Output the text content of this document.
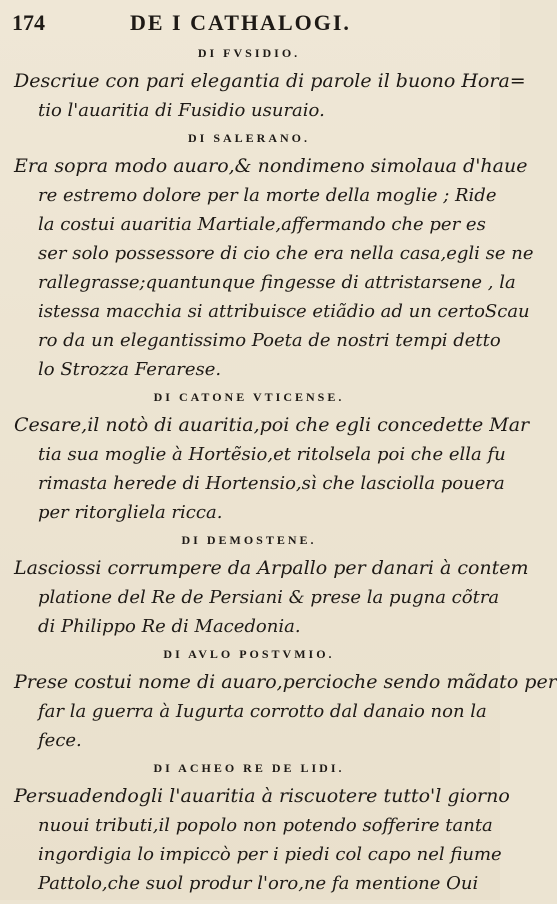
174	DE I CATHALOGI.
DI FVSIDIO.
Descriue con pari elegantia di parole il buono Hora=
tio l'auaritia di Fusidio usuraio.
DI SALERANO.
Era sopra modo auaro,& nondimeno simolaua d'haue
re estremo dolore per la morte della moglie ; Ride
la costui auaritia Martiale,affermando che per es
ser solo possessore di cio che era nella casa,egli se ne
rallegrasse;quantunque fingesse di attristarsene , la
istessa macchia si attribuisce etiãdio ad un certoScau
ro da un elegantissimo Poeta de nostri tempi detto
lo Strozza Ferarese.
DI CATONE VTICENSE.
Cesare,il notò di auaritia,poi che egli concedette Mar
tia sua moglie à Hortẽsio,et ritolsela poi che ella fu
rimasta herede di Hortensio,sì che lasciolla pouera
per ritorgliela ricca.
DI DEMOSTENE.
Lasciossi corrumpere da Arpallo per danari à contem
platione del Re de Persiani & prese la pugna cõtra
di Philippo Re di Macedonia.
DI AVLO POSTVMIO.
Prese costui nome di auaro,percioche sendo mãdato per
far la guerra à Iugurta corrotto dal danaio non la
fece.
DI ACHEO RE DE LIDI.
Persuadendogli l'auaritia à riscuotere tutto'l giorno
nuoui tributi,il popolo non potendo sofferire tanta
ingordigia lo impiccò per i piedi col capo nel fiume
Pattolo,che suol produr l'oro,ne fa mentione Oui
